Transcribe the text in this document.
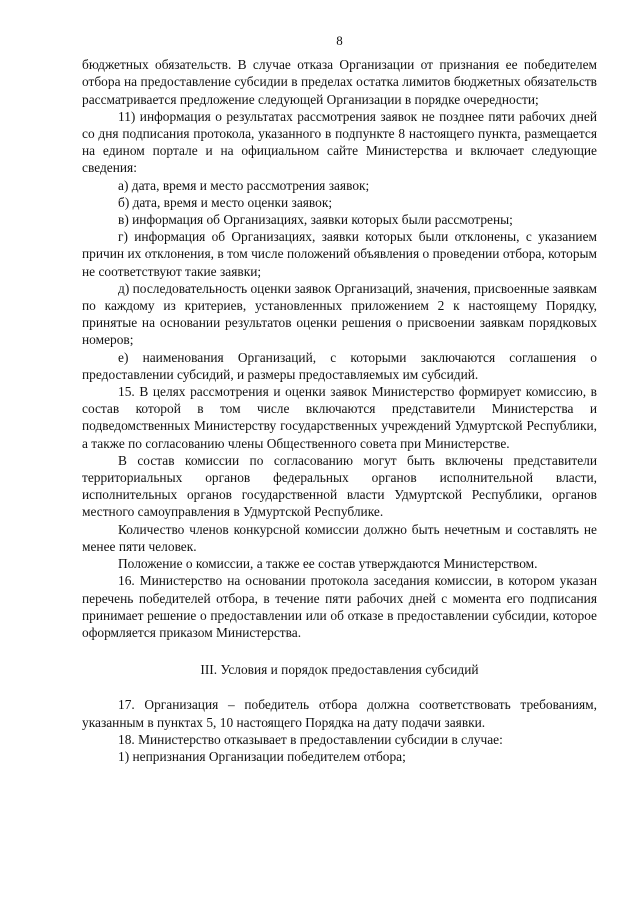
8

бюджетных обязательств. В случае отказа Организации от признания ее победителем отбора на предоставление субсидии в пределах остатка лимитов бюджетных обязательств рассматривается предложение следующей Организации в порядке очередности;

11) информация о результатах рассмотрения заявок не позднее пяти рабочих дней со дня подписания протокола, указанного в подпункте 8 настоящего пункта, размещается на едином портале и на официальном сайте Министерства и включает следующие сведения:

а) дата, время и место рассмотрения заявок;

б) дата, время и место оценки заявок;

в) информация об Организациях, заявки которых были рассмотрены;

г) информация об Организациях, заявки которых были отклонены, с указанием причин их отклонения, в том числе положений объявления о проведении отбора, которым не соответствуют такие заявки;

д) последовательность оценки заявок Организаций, значения, присвоенные заявкам по каждому из критериев, установленных приложением 2 к настоящему Порядку, принятые на основании результатов оценки решения о присвоении заявкам порядковых номеров;

е) наименования Организаций, с которыми заключаются соглашения о предоставлении субсидий, и размеры предоставляемых им субсидий.

15. В целях рассмотрения и оценки заявок Министерство формирует комиссию, в состав которой в том числе включаются представители Министерства и подведомственных Министерству государственных учреждений Удмуртской Республики, а также по согласованию члены Общественного совета при Министерстве.

В состав комиссии по согласованию могут быть включены представители территориальных органов федеральных органов исполнительной власти, исполнительных органов государственной власти Удмуртской Республики, органов местного самоуправления в Удмуртской Республике.

Количество членов конкурсной комиссии должно быть нечетным и составлять не менее пяти человек.

Положение о комиссии, а также ее состав утверждаются Министерством.

16. Министерство на основании протокола заседания комиссии, в котором указан перечень победителей отбора, в течение пяти рабочих дней с момента его подписания принимает решение о предоставлении или об отказе в предоставлении субсидии, которое оформляется приказом Министерства.

III. Условия и порядок предоставления субсидий

17. Организация – победитель отбора должна соответствовать требованиям, указанным в пунктах 5, 10 настоящего Порядка на дату подачи заявки.

18. Министерство отказывает в предоставлении субсидии в случае:

1) непризнания Организации победителем отбора;
